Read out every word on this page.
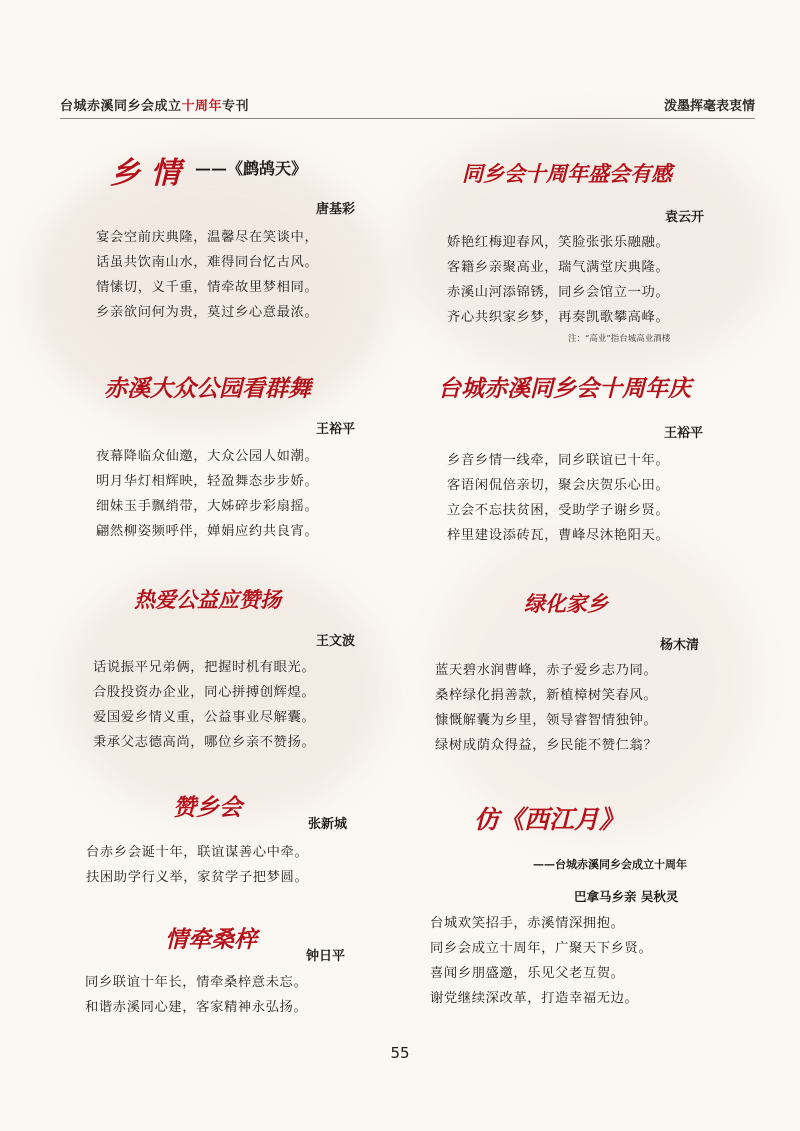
台城赤溪同乡会成立十周年专刊	泼墨挥毫表衷情
乡 情 ——《鹧鸪天》
唐基彩
宴会空前庆典隆，温馨尽在笑谈中，
话虽共饮南山水，难得同台忆古风。
情愫切，义千重，情牵故里梦相同。
乡亲欲问何为贵，莫过乡心意最浓。
同乡会十周年盛会有感
袁云开
娇艳红梅迎春风，笑脸张张乐融融。
客籍乡亲聚高业，瑞气满堂庆典隆。
赤溪山河添锦锈，同乡会馆立一功。
齐心共织家乡梦，再奏凯歌攀高峰。
注：“高业”指台城高业酒楼
赤溪大众公园看群舞
王裕平
夜幕降临众仙邀，大众公园人如潮。
明月华灯相辉映，轻盈舞态步步娇。
细妹玉手飘绡带，大姊碎步彩扇摇。
翩然柳姿频呼伴，婵娟应约共良宵。
台城赤溪同乡会十周年庆
王裕平
乡音乡情一线牵，同乡联谊已十年。
客语闲侃倍亲切，聚会庆贺乐心田。
立会不忘扶贫困，受助学子谢乡贤。
梓里建设添砖瓦，曹峰尽沐艳阳天。
热爱公益应赞扬
王文波
话说振平兄弟俩，把握时机有眼光。
合股投资办企业，同心拼搏创辉煌。
爱国爱乡情义重，公益事业尽解囊。
秉承父志德高尚，哪位乡亲不赞扬。
绿化家乡
杨木清
蓝天碧水润曹峰，赤子爱乡志乃同。
桑梓绿化捐善款，新植樟树笑春风。
慷慨解囊为乡里，领导睿智情独钟。
绿树成荫众得益，乡民能不赞仁翁？
赞乡会
张新城
台赤乡会诞十年，联谊谋善心中牵。
扶困助学行义举，家贫学子把梦圆。
仿《西江月》
——台城赤溪同乡会成立十周年
巴拿马乡亲 吴秋灵
台城欢笑招手，赤溪情深拥抱。
同乡会成立十周年，广聚天下乡贤。
喜闻乡朋盛邀，乐见父老互贺。
谢党继续深改革，打造幸福无边。
情牵桑梓
钟日平
同乡联谊十年长，情牵桑梓意未忘。
和谐赤溪同心建，客家精神永弘扬。
55
